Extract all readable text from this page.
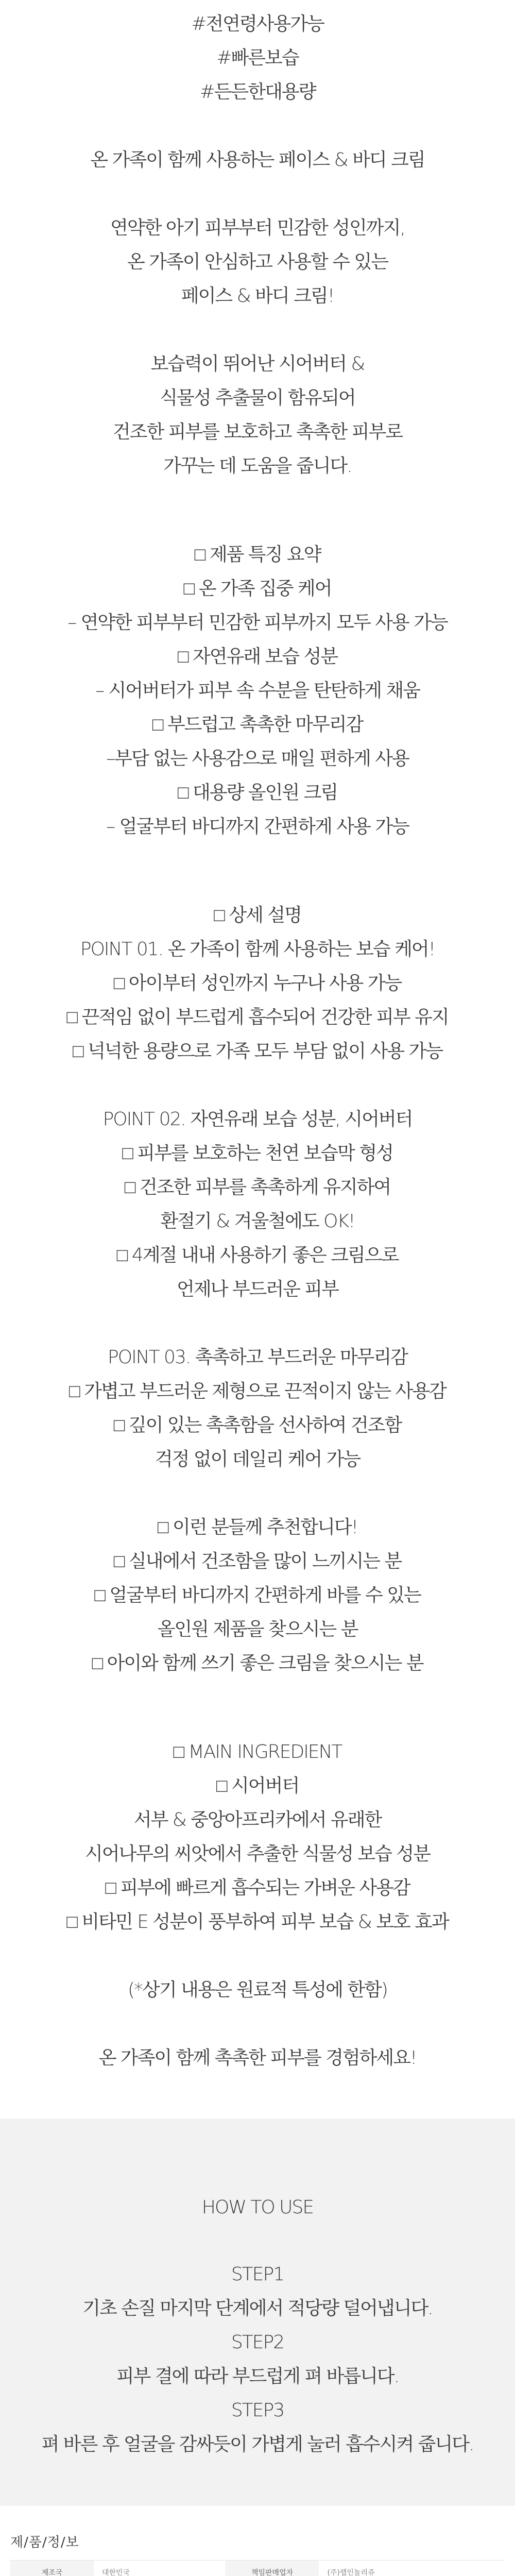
#전연령사용가능
#빠른보습
#든든한대용량
온 가족이 함께 사용하는 페이스 & 바디 크림
연약한 아기 피부부터 민감한 성인까지,
온 가족이 안심하고 사용할 수 있는
페이스 & 바디 크림!
보습력이 뛰어난 시어버터 &
식물성 추출물이 함유되어
건조한 피부를 보호하고 촉촉한 피부로
가꾸는 데 도움을 줍니다.
□ 제품 특징 요약
□ 온 가족 집중 케어
– 연약한 피부부터 민감한 피부까지 모두 사용 가능
□ 자연유래 보습 성분
– 시어버터가 피부 속 수분을 탄탄하게 채움
□ 부드럽고 촉촉한 마무리감
–부담 없는 사용감으로 매일 편하게 사용
□ 대용량 올인원 크림
– 얼굴부터 바디까지 간편하게 사용 가능
□ 상세 설명
POINT 01. 온 가족이 함께 사용하는 보습 케어!
□ 아이부터 성인까지 누구나 사용 가능
□ 끈적임 없이 부드럽게 흡수되어 건강한 피부 유지
□ 넉넉한 용량으로 가족 모두 부담 없이 사용 가능
POINT 02. 자연유래 보습 성분, 시어버터
□ 피부를 보호하는 천연 보습막 형성
□ 건조한 피부를 촉촉하게 유지하여
환절기 & 겨울철에도 OK!
□ 4계절 내내 사용하기 좋은 크림으로
언제나 부드러운 피부
POINT 03. 촉촉하고 부드러운 마무리감
□ 가볍고 부드러운 제형으로 끈적이지 않는 사용감
□ 깊이 있는 촉촉함을 선사하여 건조함
걱정 없이 데일리 케어 가능
□ 이런 분들께 추천합니다!
□ 실내에서 건조함을 많이 느끼시는 분
□ 얼굴부터 바디까지 간편하게 바를 수 있는
올인원 제품을 찾으시는 분
□ 아이와 함께 쓰기 좋은 크림을 찾으시는 분
□ MAIN INGREDIENT
□ 시어버터
서부 & 중앙아프리카에서 유래한
시어나무의 씨앗에서 추출한 식물성 보습 성분
□ 피부에 빠르게 흡수되는 가벼운 사용감
□ 비타민 E 성분이 풍부하여 피부 보습 & 보호 효과
(*상기 내용은 원료적 특성에 한함)
온 가족이 함께 촉촉한 피부를 경험하세요!
HOW TO USE
STEP1
기초 손질 마지막 단계에서 적당량 덜어냅니다.
STEP2
피부 결에 따라 부드럽게 펴 바릅니다.
STEP3
펴 바른 후 얼굴을 감싸듯이 가볍게 눌러 흡수시켜 줍니다.
제/품/정/보
제조국	대한민국	책임판매업자	(주)랩인놀리쥬
